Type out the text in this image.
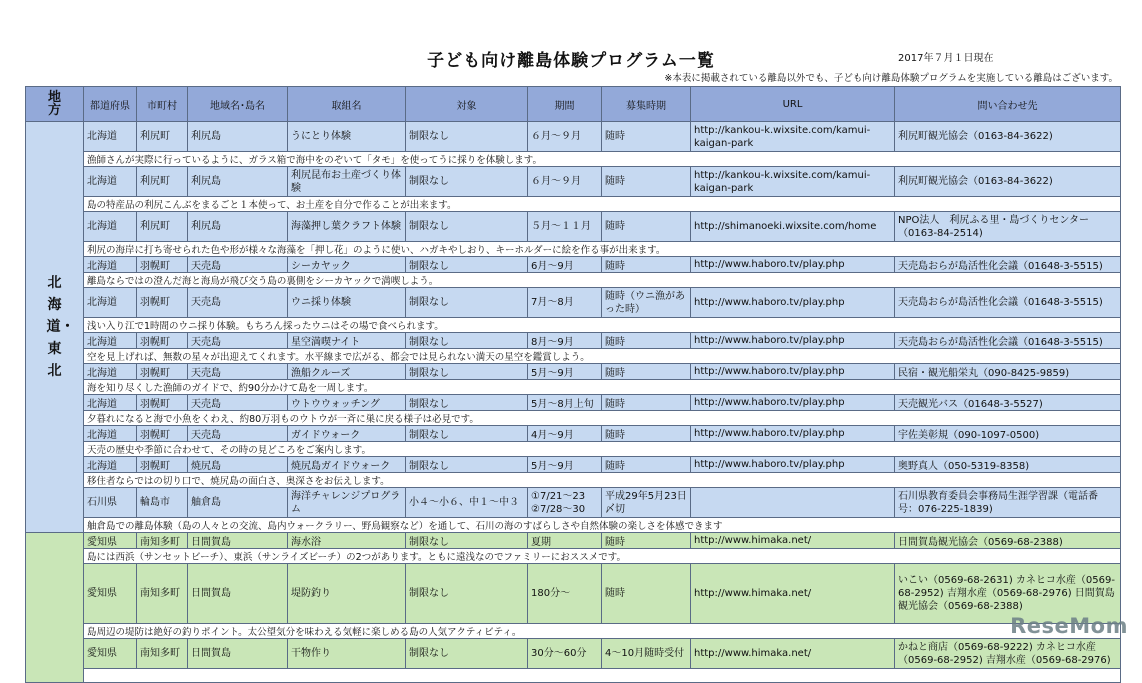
子ども向け離島体験プログラム一覧	2017年７月１日現在
※本表に掲載されている離島以外でも、子ども向け離島体験プログラムを実施している離島はございます。
地方	都道府県	市町村	地域名･島名	取組名	対象	期間	募集時期	URL	問い合わせ先

北海道・東北	北海道	利尻町	利尻島	うにとり体験	制限なし	６月～９月	随時	http://kankou-k.wixsite.com/kamui-kaigan-park	利尻町観光協会（0163-84-3622)
	漁師さんが実際に行っているように、ガラス箱で海中をのぞいて「タモ」を使ってうに採りを体験します。								
	北海道	利尻町	利尻島	利尻昆布お土産づくり体験	制限なし	６月～９月	随時	http://kankou-k.wixsite.com/kamui-kaigan-park	利尻町観光協会（0163-84-3622)
	島の特産品の利尻こんぶをまるごと１本使って、お土産を自分で作ることが出来ます。								
	北海道	利尻町	利尻島	海藻押し葉クラフト体験	制限なし	５月～１１月	随時	http://shimanoeki.wixsite.com/home	NPO法人　利尻ふる里・島づくりセンター（0163-84-2514)
	利尻の海岸に打ち寄せられた色や形が様々な海藻を「押し花」のように使い、ハガキやしおり、キーホルダーに絵を作る事が出来ます。								
	北海道	羽幌町	天売島	シーカヤック	制限なし	6月～9月	随時	http://www.haboro.tv/play.php	天売島おらが島活性化会議（01648-3-5515)
	離島ならではの澄んだ海と海鳥が飛び交う島の裏側をシーカヤックで満喫しよう。								
	北海道	羽幌町	天売島	ウニ採り体験	制限なし	7月～8月	随時（ウニ漁があった時）	http://www.haboro.tv/play.php	天売島おらが島活性化会議（01648-3-5515)
	浅い入り江で1時間のウニ採り体験。もちろん採ったウニはその場で食べられます。								
	北海道	羽幌町	天売島	星空満喫ナイト	制限なし	8月～9月	随時	http://www.haboro.tv/play.php	天売島おらが島活性化会議（01648-3-5515)
	空を見上げれば、無数の星々が出迎えてくれます。水平線まで広がる、都会では見られない満天の星空を鑑賞しよう。								
	北海道	羽幌町	天売島	漁船クルーズ	制限なし	5月～9月	随時	http://www.haboro.tv/play.php	民宿・観光船栄丸（090-8425-9859)
	海を知り尽くした漁師のガイドで、約90分かけて島を一周します。								
	北海道	羽幌町	天売島	ウトウウォッチング	制限なし	5月～8月上旬	随時	http://www.haboro.tv/play.php	天売観光バス（01648-3-5527)
	夕暮れになると海で小魚をくわえ、約80万羽ものウトウが一斉に巣に戻る様子は必見です。								
	北海道	羽幌町	天売島	ガイドウォーク	制限なし	4月～9月	随時	http://www.haboro.tv/play.php	宇佐美彰規（090-1097-0500)
	天売の歴史や季節に合わせて、その時の見どころをご案内します。								
	北海道	羽幌町	焼尻島	焼尻島ガイドウォーク	制限なし	5月～9月	随時	http://www.haboro.tv/play.php	奥野真人（050-5319-8358)
	移住者ならではの切り口で、焼尻島の面白さ、奥深さをお伝えします。								
	石川県	輪島市	舳倉島	海洋チャレンジプログラム	小４～小６、中１～中３	①7/21～23 ②7/28～30	平成29年5月23日〆切		石川県教育委員会事務局生涯学習課（電話番号：076-225-1839)
	舳倉島での離島体験（島の人々との交流、島内ウォークラリー、野鳥観察など）を通して、石川の海のすばらしさや自然体験の楽しさを体感できます								

	愛知県	南知多町	日間賀島	海水浴	制限なし	夏期	随時	http://www.himaka.net/	日間賀島観光協会（0569-68-2388)
	島には西浜（サンセットビーチ）、東浜（サンライズビーチ）の2つがあります。ともに遠浅なのでファミリーにおススメです。								
	愛知県	南知多町	日間賀島	堤防釣り	制限なし	180分～	随時	http://www.himaka.net/	いこい（0569-68-2631) カネヒコ水産（0569-68-2952) 吉翔水産（0569-68-2976) 日間賀島観光協会（0569-68-2388)
	島周辺の堤防は絶好の釣りポイント。太公望気分を味わえる気軽に楽しめる島の人気アクティビティ。								
	愛知県	南知多町	日間賀島	干物作り	制限なし	30分～60分	4～10月随時受付	http://www.himaka.net/	かねと商店（0569-68-9222) カネヒコ水産（0569-68-2952) 吉翔水産（0569-68-2976)

ReseMom
